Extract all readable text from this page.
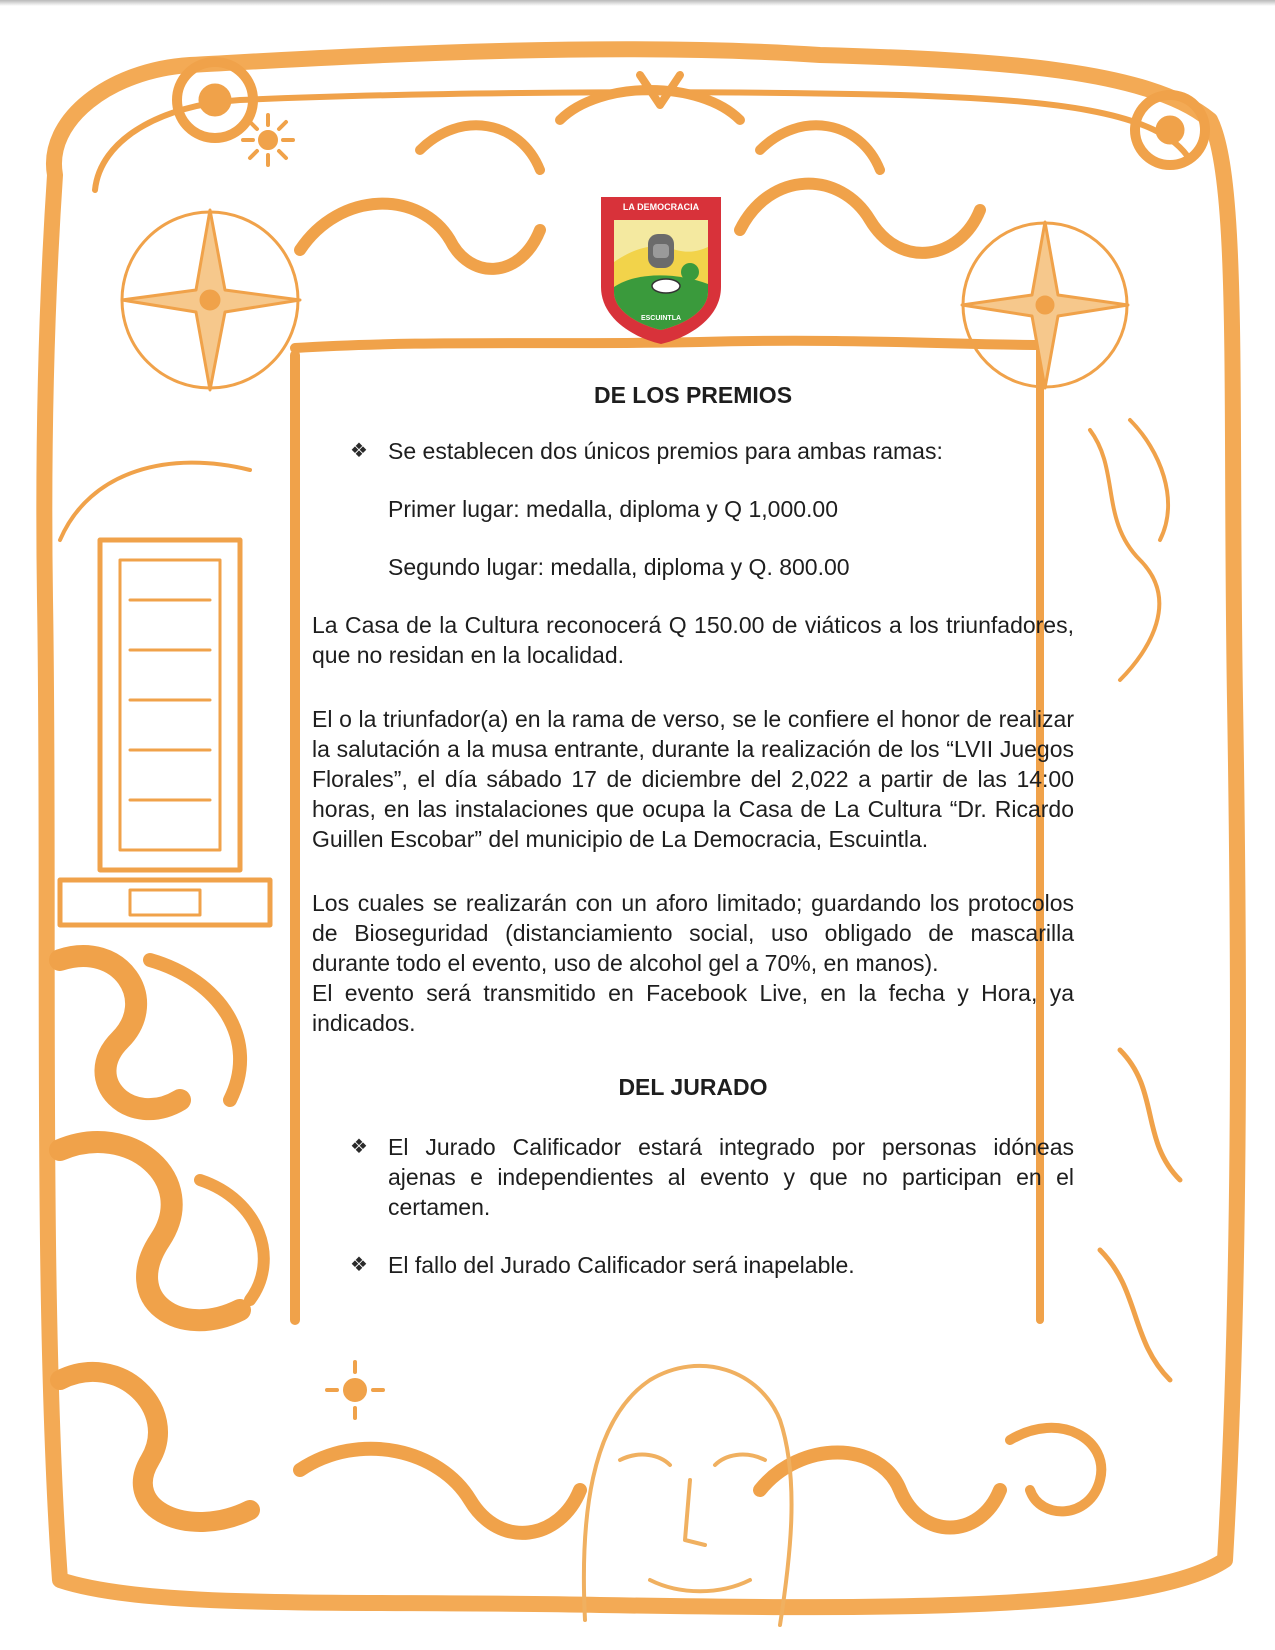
LA DEMOCRACIA
ESCUINTLA

DE LOS PREMIOS

❖ Se establecen dos únicos premios para ambas ramas:

Primer lugar: medalla, diploma y Q 1,000.00

Segundo lugar: medalla, diploma y Q. 800.00

La Casa de la Cultura reconocerá Q 150.00 de viáticos a los triunfadores, que no residan en la localidad.

El o la triunfador(a) en la rama de verso, se le confiere el honor de realizar la salutación a la musa entrante, durante la realización de los “LVII Juegos Florales”, el día sábado 17 de diciembre del 2,022 a partir de las 14:00 horas, en las instalaciones que ocupa la Casa de La Cultura “Dr. Ricardo Guillen Escobar” del municipio de La Democracia, Escuintla.

Los cuales se realizarán con un aforo limitado; guardando los protocolos de Bioseguridad (distanciamiento social, uso obligado de mascarilla durante todo el evento, uso de alcohol gel a 70%, en manos).

El evento será transmitido en Facebook Live, en la fecha y Hora, ya indicados.

DEL JURADO

❖ El Jurado Calificador estará integrado por personas idóneas ajenas e independientes al evento y que no participan en el certamen.
❖ El fallo del Jurado Calificador será inapelable.
